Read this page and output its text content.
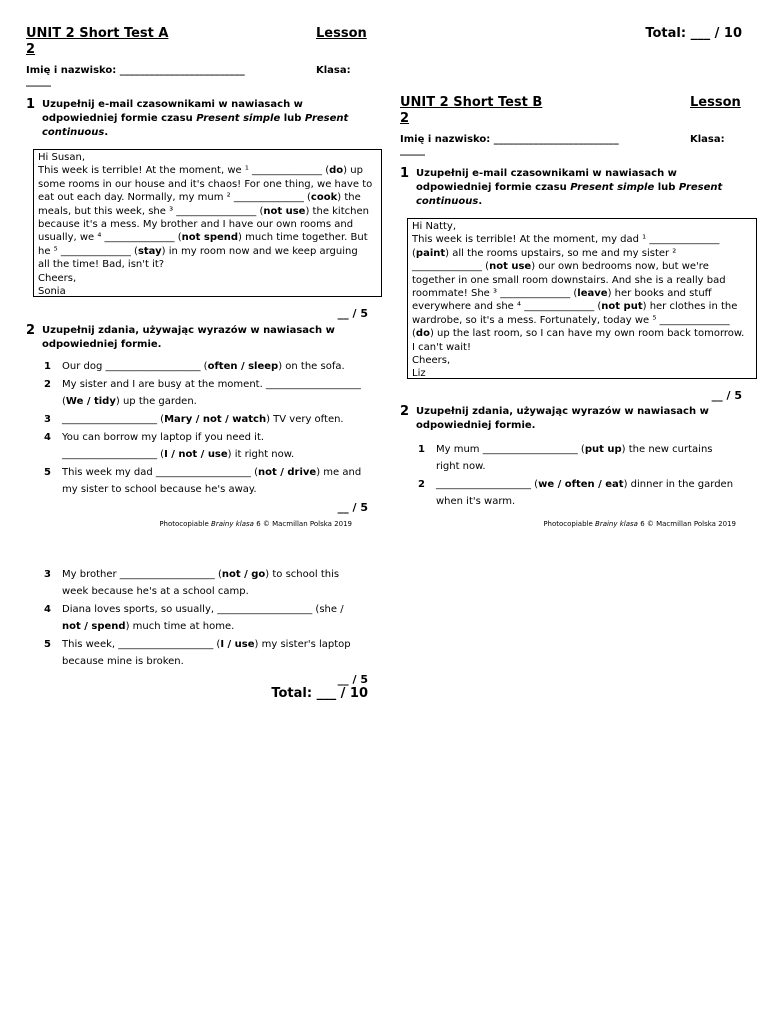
Total: ___ / 10
UNIT 2 Short Test A	Lesson
2
Imię i nazwisko: _________________________	Klasa:
_____
1 Uzupełnij e-mail czasownikami w nawiasach w
odpowiedniej formie czasu Present simple lub Present
continuous.

Hi Susan,

This week is terrible! At the moment, we ¹ ______________ (do) up

some rooms in our house and it's chaos! For one thing, we have to

eat out each day. Normally, my mum ² ______________ (cook) the

meals, but this week, she ³ ________________ (not use) the kitchen

because it's a mess. My brother and I have our own rooms and

usually, we ⁴ ______________ (not spend) much time together. But

he ⁵ ______________ (stay) in my room now and we keep arguing

all the time! Bad, isn't it?

Cheers,

Sonia

__ / 5
2 Uzupełnij zdania, używając wyrazów w nawiasach w
odpowiedniej formie.
1 Our dog ___________________ (often / sleep) on the sofa.
2 My sister and I are busy at the moment. ___________________
(We / tidy) up the garden.
3 ___________________ (Mary / not / watch) TV very often.
4 You can borrow my laptop if you need it.
___________________ (I / not / use) it right now.
5 This week my dad ___________________ (not / drive) me and
my sister to school because he's away.
__ / 5
Photocopiable Brainy klasa 6 © Macmillan Polska 2019
3 My brother ___________________ (not / go) to school this
week because he's at a school camp.
4 Diana loves sports, so usually, ___________________ (she /
not / spend) much time at home.
5 This week, ___________________ (I / use) my sister's laptop
because mine is broken.
__ / 5
Total: ___ / 10
UNIT 2 Short Test B	Lesson
2
Imię i nazwisko: _________________________	Klasa:
_____
1 Uzupełnij e-mail czasownikami w nawiasach w
odpowiedniej formie czasu Present simple lub Present
continuous.

Hi Natty,

This week is terrible! At the moment, my dad ¹ ______________

(paint) all the rooms upstairs, so me and my sister ²

______________ (not use) our own bedrooms now, but we're

together in one small room downstairs. And she is a really bad

roommate! She ³ ______________ (leave) her books and stuff

everywhere and she ⁴ ______________ (not put) her clothes in the

wardrobe, so it's a mess. Fortunately, today we ⁵ ______________

(do) up the last room, so I can have my own room back tomorrow.

I can't wait!

Cheers,

Liz

__ / 5
2 Uzupełnij zdania, używając wyrazów w nawiasach w
odpowiedniej formie.
1 My mum ___________________ (put up) the new curtains
right now.
2 ___________________ (we / often / eat) dinner in the garden
when it's warm.
Photocopiable Brainy klasa 6 © Macmillan Polska 2019
